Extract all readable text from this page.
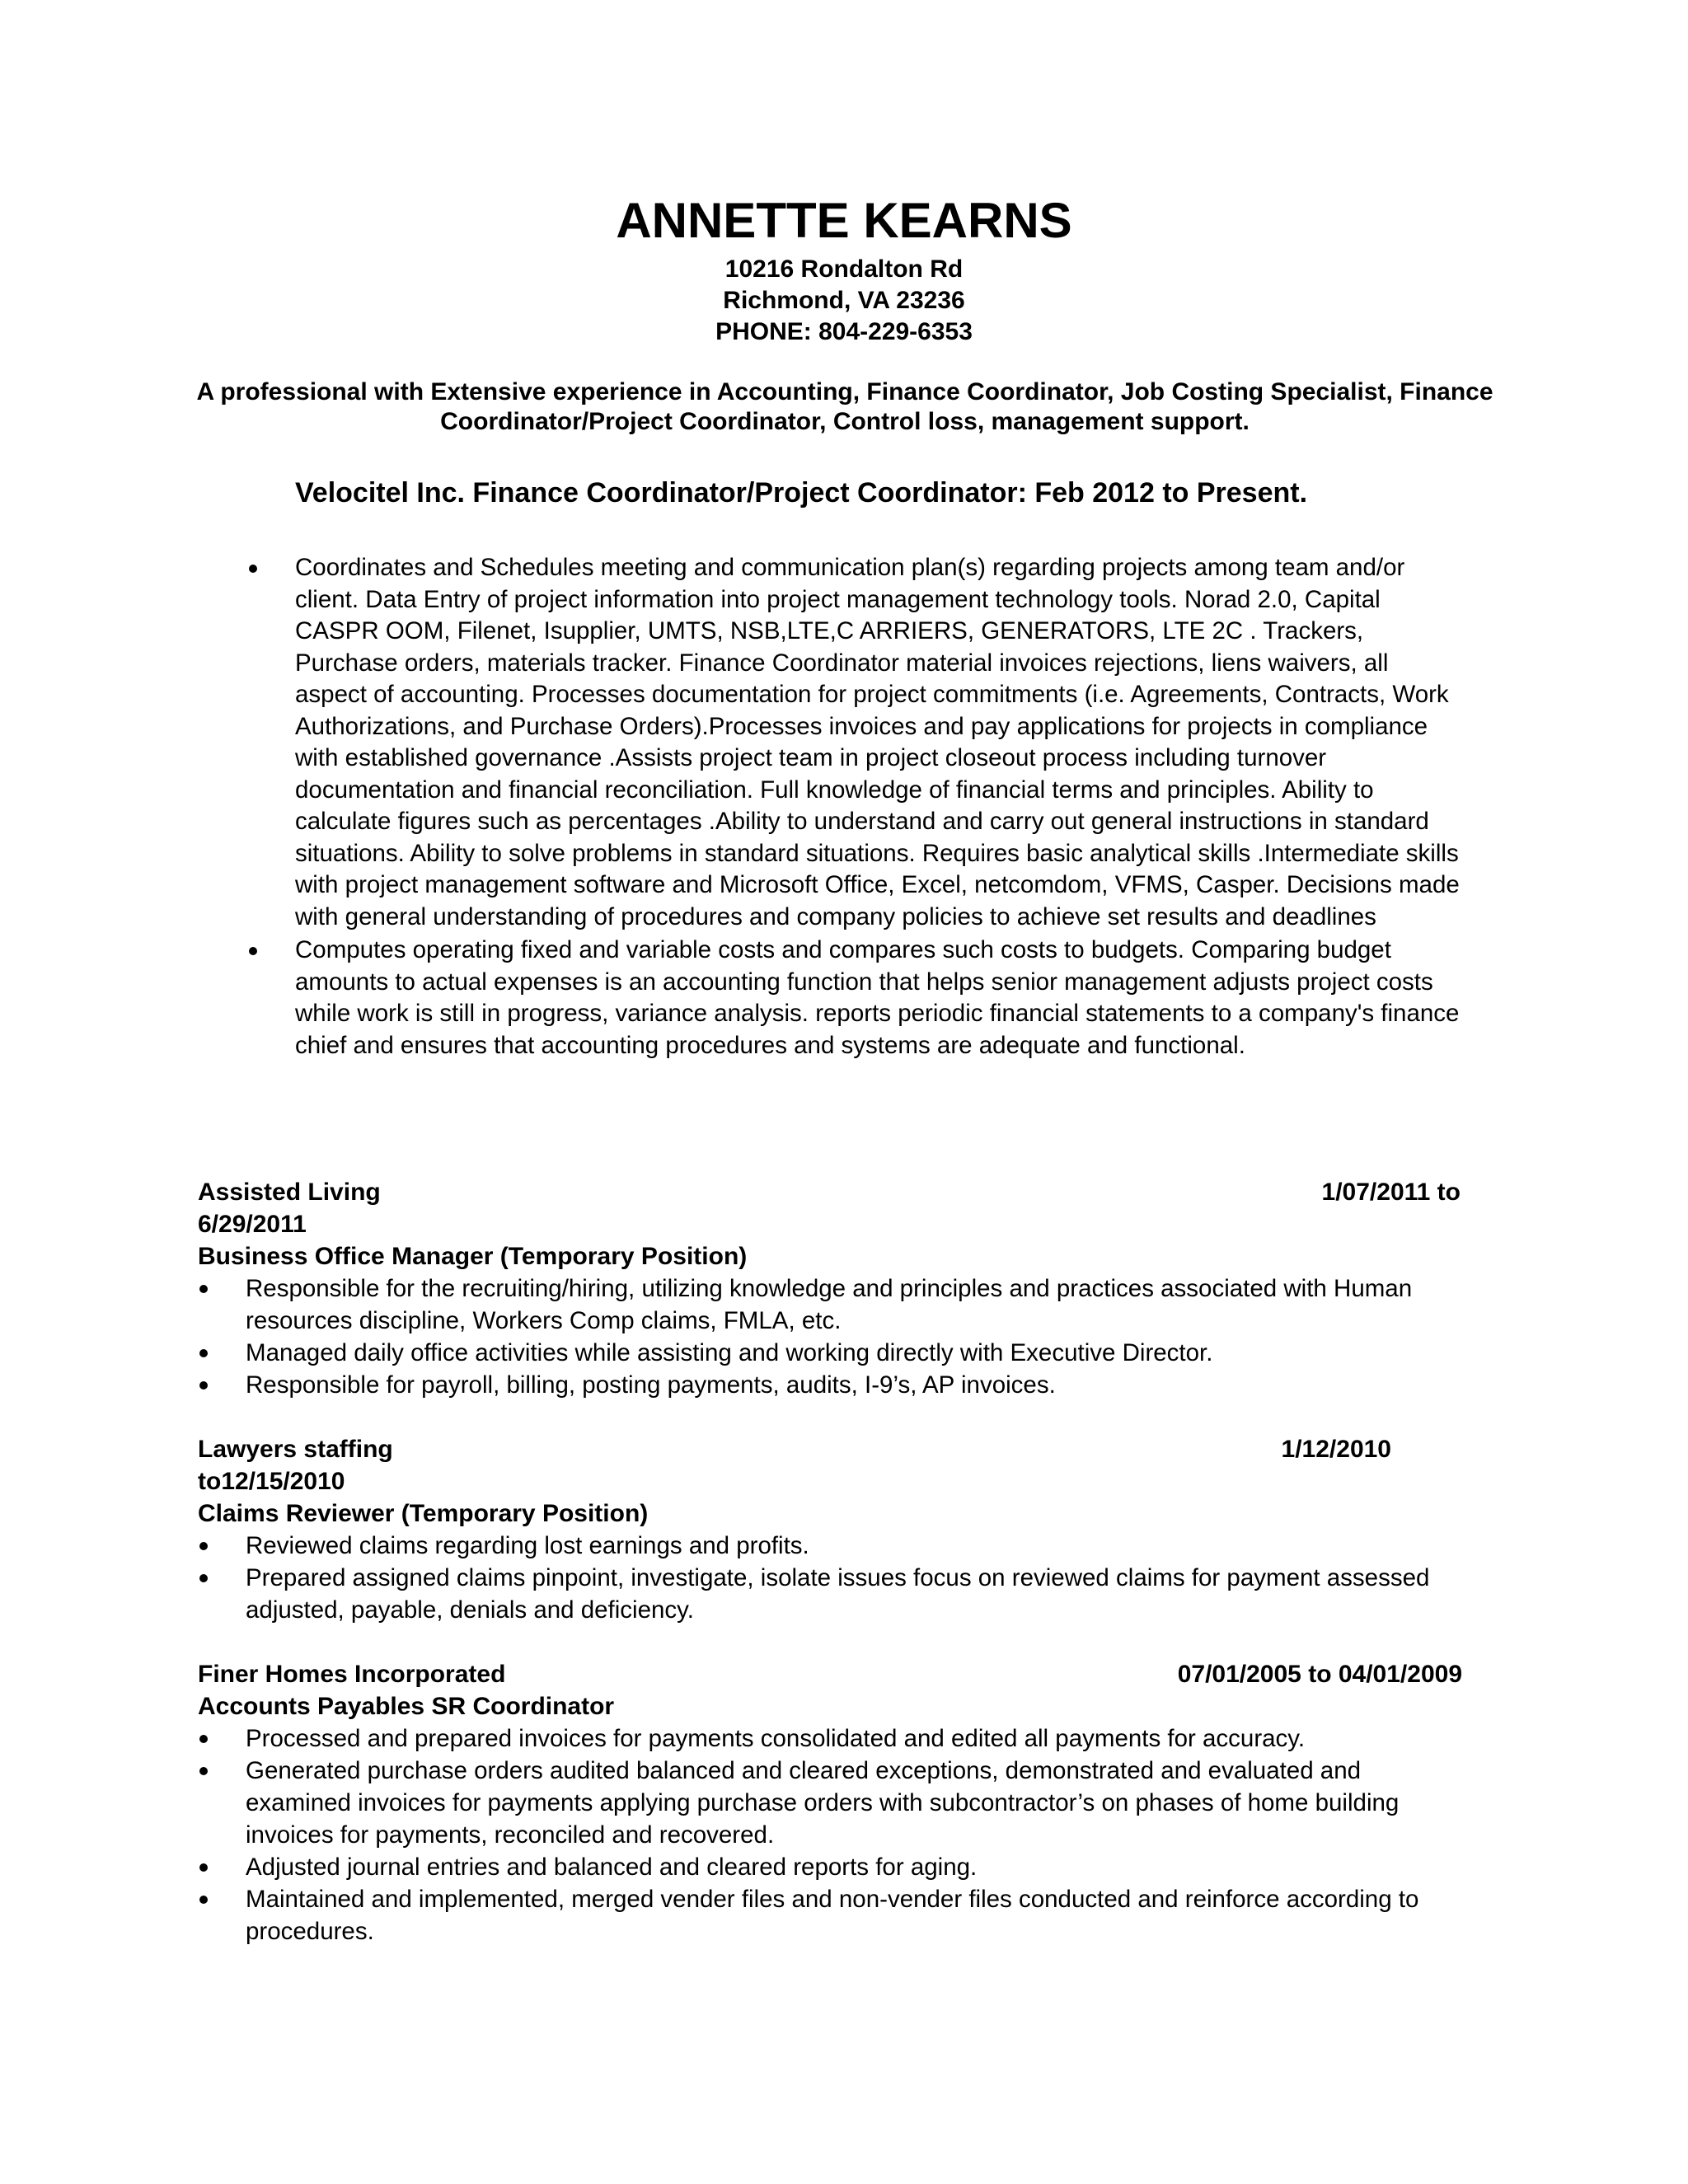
ANNETTE KEARNS
10216 Rondalton Rd
Richmond, VA 23236
PHONE: 804-229-6353
A professional with Extensive experience in Accounting, Finance Coordinator, Job Costing Specialist, Finance Coordinator/Project Coordinator, Control loss, management support.
Velocitel Inc. Finance Coordinator/Project Coordinator: Feb 2012 to Present.
Coordinates and Schedules meeting and communication plan(s) regarding projects among team and/or client. Data Entry of project information into project management technology tools. Norad 2.0, Capital CASPR OOM, Filenet, Isupplier, UMTS, NSB,LTE,C ARRIERS, GENERATORS, LTE 2C . Trackers, Purchase orders, materials tracker. Finance Coordinator material invoices rejections, liens waivers, all aspect of accounting. Processes documentation for project commitments (i.e. Agreements, Contracts, Work Authorizations, and Purchase Orders).Processes invoices and pay applications for projects in compliance with established governance .Assists project team in project closeout process including turnover documentation and financial reconciliation. Full knowledge of financial terms and principles. Ability to calculate figures such as percentages .Ability to understand and carry out general instructions in standard situations. Ability to solve problems in standard situations. Requires basic analytical skills .Intermediate skills with project management software and Microsoft Office, Excel, netcomdom, VFMS, Casper. Decisions made with general understanding of procedures and company policies to achieve set results and deadlines
Computes operating fixed and variable costs and compares such costs to budgets. Comparing budget amounts to actual expenses is an accounting function that helps senior management adjusts project costs while work is still in progress, variance analysis. reports periodic financial statements to a company's finance chief and ensures that accounting procedures and systems are adequate and functional.
Assisted Living	1/07/2011 to
6/29/2011
Business Office Manager (Temporary Position)
Responsible for the recruiting/hiring, utilizing knowledge and principles and practices associated with Human resources discipline, Workers Comp claims, FMLA, etc.
Managed daily office activities while assisting and working directly with Executive Director.
Responsible for payroll, billing, posting payments, audits, I-9’s, AP invoices.
Lawyers staffing	1/12/2010
to12/15/2010
Claims Reviewer (Temporary Position)
Reviewed claims regarding lost earnings and profits.
Prepared assigned claims pinpoint, investigate, isolate issues focus on reviewed claims for payment assessed adjusted, payable, denials and deficiency.
Finer Homes Incorporated	07/01/2005 to 04/01/2009
Accounts Payables SR Coordinator
Processed and prepared invoices for payments consolidated and edited all payments for accuracy.
Generated purchase orders audited balanced and cleared exceptions, demonstrated and evaluated and examined invoices for payments applying purchase orders with subcontractor’s on phases of home building invoices for payments, reconciled and recovered.
Adjusted journal entries and balanced and cleared reports for aging.
Maintained and implemented, merged vender files and non-vender files conducted and reinforce according to procedures.
